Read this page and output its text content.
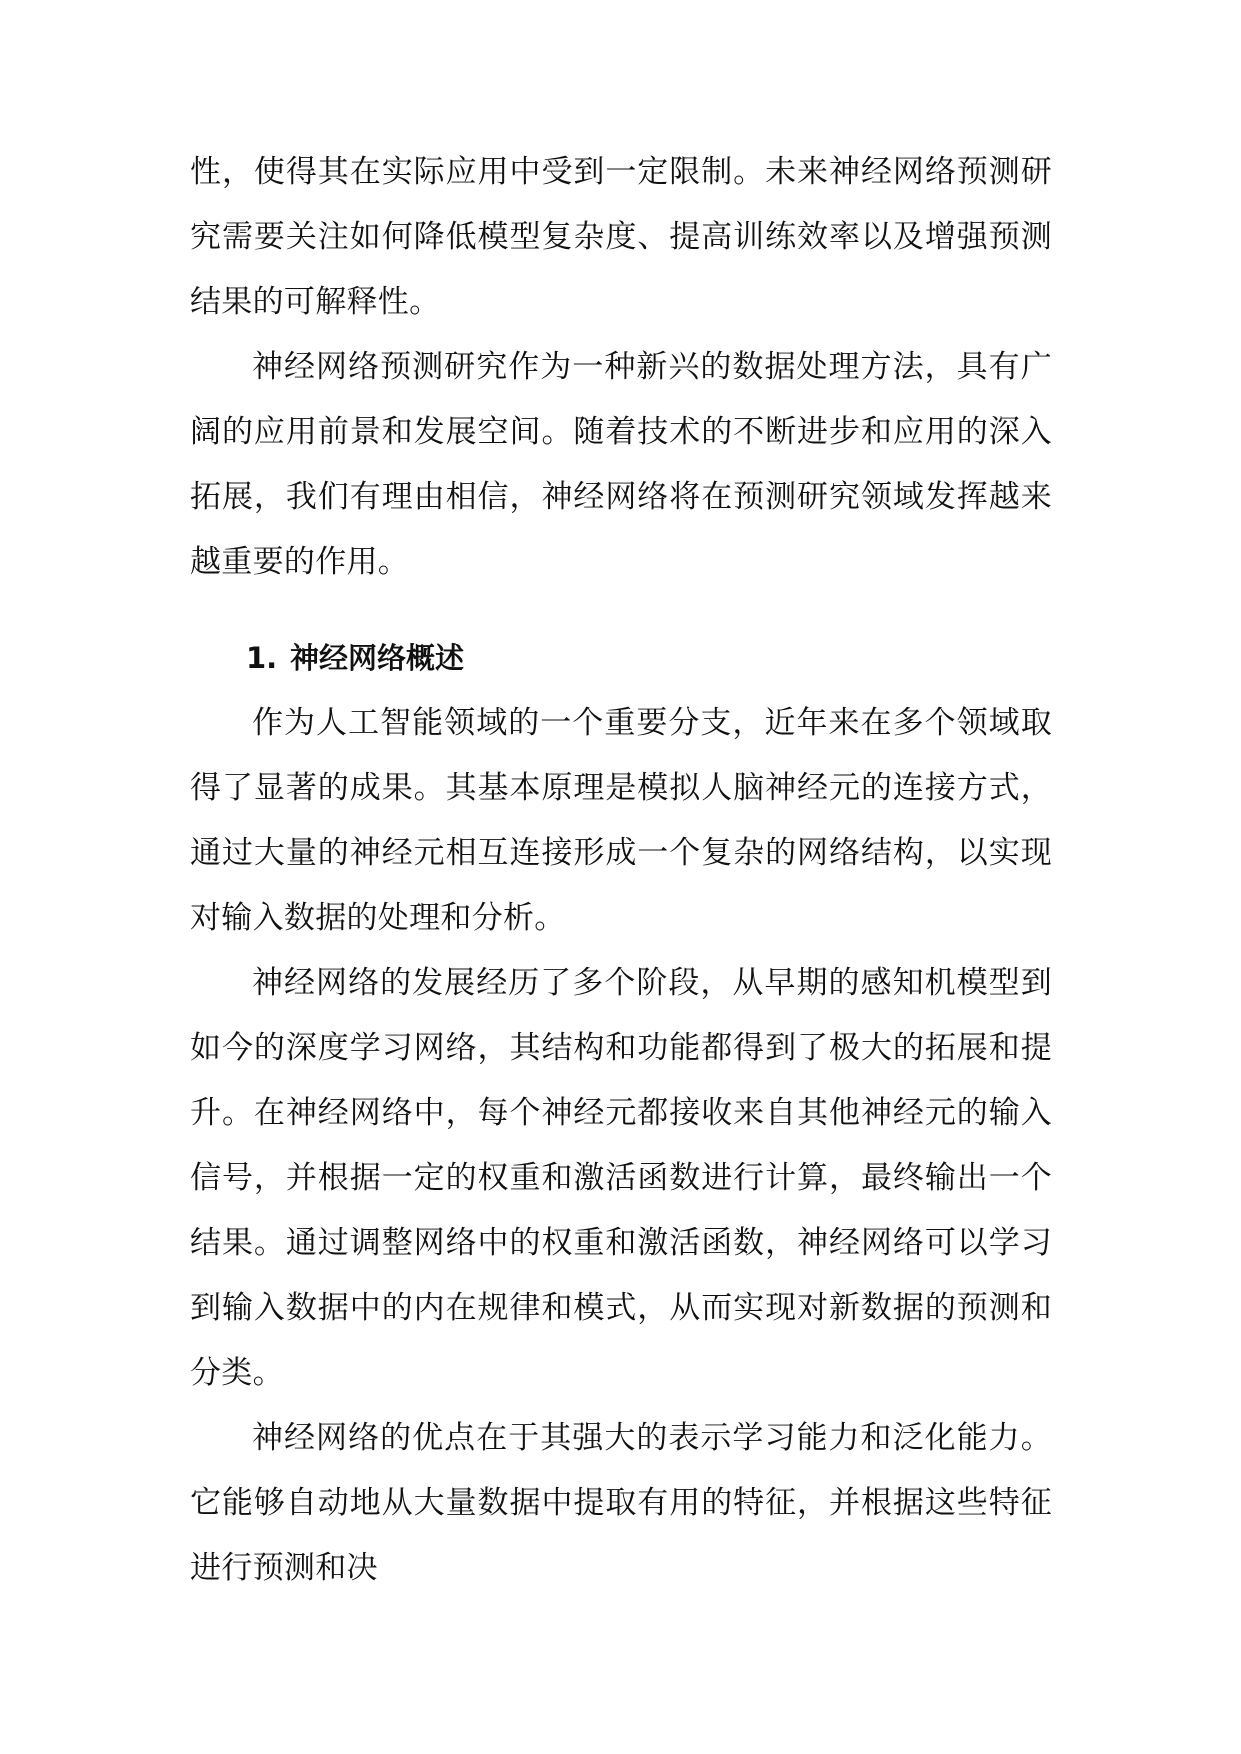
性，使得其在实际应用中受到一定限制。未来神经网络预测研究需要关注如何降低模型复杂度、提高训练效率以及增强预测结果的可解释性。

神经网络预测研究作为一种新兴的数据处理方法，具有广阔的应用前景和发展空间。随着技术的不断进步和应用的深入拓展，我们有理由相信，神经网络将在预测研究领域发挥越来越重要的作用。

1. 神经网络概述

作为人工智能领域的一个重要分支，近年来在多个领域取得了显著的成果。其基本原理是模拟人脑神经元的连接方式，通过大量的神经元相互连接形成一个复杂的网络结构，以实现对输入数据的处理和分析。

神经网络的发展经历了多个阶段，从早期的感知机模型到如今的深度学习网络，其结构和功能都得到了极大的拓展和提升。在神经网络中，每个神经元都接收来自其他神经元的输入信号，并根据一定的权重和激活函数进行计算，最终输出一个结果。通过调整网络中的权重和激活函数，神经网络可以学习到输入数据中的内在规律和模式，从而实现对新数据的预测和分类。

神经网络的优点在于其强大的表示学习能力和泛化能力。它能够自动地从大量数据中提取有用的特征，并根据这些特征进行预测和决
